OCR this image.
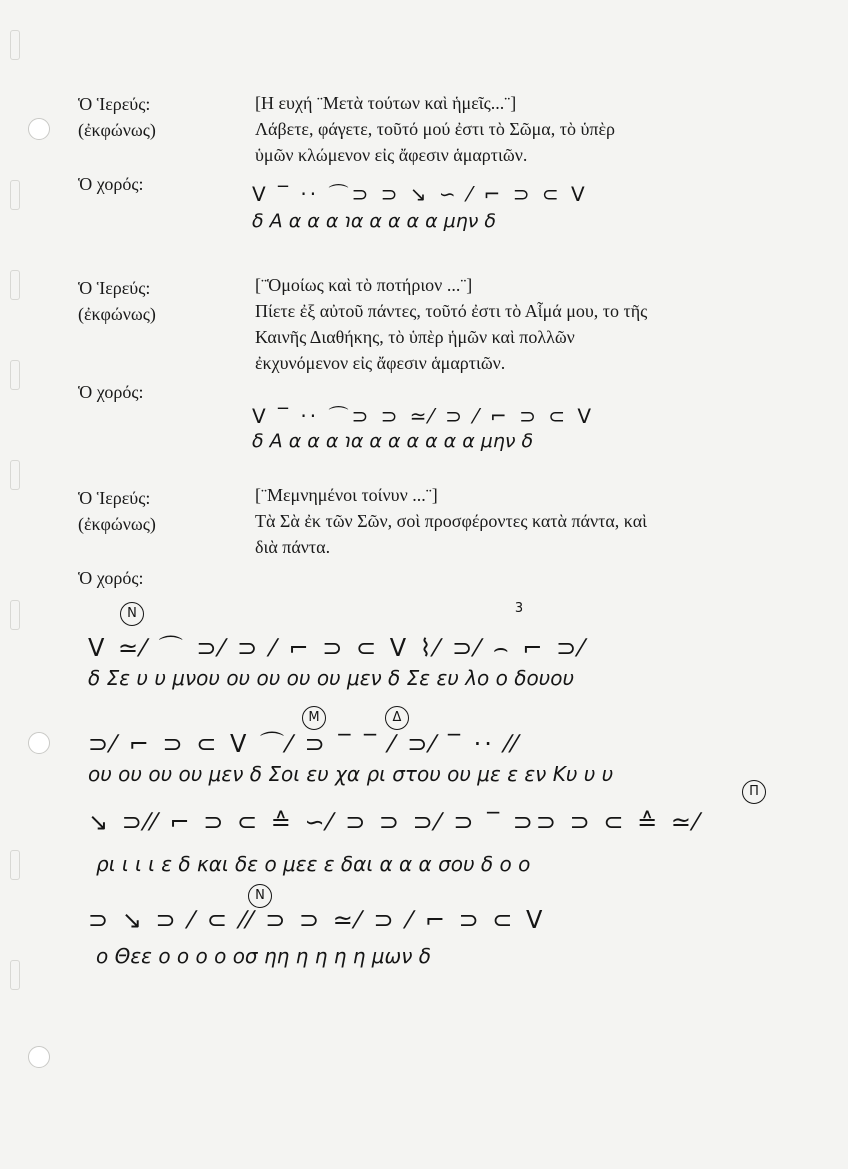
Ὁ Ἱερεύς:
(ἐκφώνως)
[Η ευχή ¨Μετὰ τούτων καὶ ἡμεῖς...¨]
Λάβετε, φάγετε, τοῦτό μού ἐστι τὸ Σῶμα, τὸ ὑπὲρ
ὑμῶν κλώμενον εἰς ἄφεσιν ἁμαρτιῶν.
Ὁ χορός:	ᐯ ‾ ·· ⌒⊃ ⊃ ↘ ∽ ⁄ ⌐ ⊃ ⊂ ᐯ
δ Α α α α ℩α α α α α μην δ
Ὁ Ἱερεύς:
(ἐκφώνως)
[¨Ὁμοίως καὶ τὸ ποτήριον ...¨]
Πίετε ἐξ αὐτοῦ πάντες, τοῦτό ἐστι τὸ Αἷμά μου, το τῆς
Καινῆς Διαθήκης, τὸ ὑπὲρ ἡμῶν καὶ πολλῶν
ἐκχυνόμενον εἰς ἄφεσιν ἁμαρτιῶν.
Ὁ χορός:
ᐯ ‾ ·· ⌒⊃ ⊃ ≃⁄ ⊃ ⁄ ⌐ ⊃ ⊂ ᐯ
δ Α α α α ℩α α α α α α α μην δ
Ὁ Ἱερεύς:
(ἐκφώνως)
[¨Μεμνημένοι τοίνυν ...¨]
Τὰ Σὰ ἐκ τῶν Σῶν, σοὶ προσφέροντες κατὰ πάντα, καὶ
διὰ πάντα.
Ὁ χορός:
N	3
ᐯ ≃⁄ ⌒ ⊃⁄ ⊃ ⁄ ⌐ ⊃ ⊂ ᐯ ⌇⁄ ⊃⁄ ⌢ ⌐ ⊃⁄
δ Σε υ υ μνου ου ου ου ου μεν δ Σε ευ λο ο δουου
M	Δ
⊃⁄ ⌐ ⊃ ⊂ ᐯ ⌒⁄ ⊃ ‾ ‾ ⁄ ⊃⁄ ‾ ·· ⁄⁄
ου ου ου ου μεν δ Σοι ευ χα ρι στου ου με ε εν Κυ υ υ
Π
↘ ⊃⁄⁄ ⌐ ⊃ ⊂ ≙ ∽⁄ ⊃ ⊃ ⊃⁄ ⊃ ‾ ⊃⊃ ⊃ ⊂ ≙ ≃⁄
ρι ι ι ι ε δ και δε ο μεε ε δαι α α α σου δ ο ο
N
⊃ ↘ ⊃ ⁄ ⊂ ⁄⁄ ⊃ ⊃ ≃⁄ ⊃ ⁄ ⌐ ⊃ ⊂ ᐯ
ο Θεε ο ο ο ο οσ ηη η η η η μων δ
